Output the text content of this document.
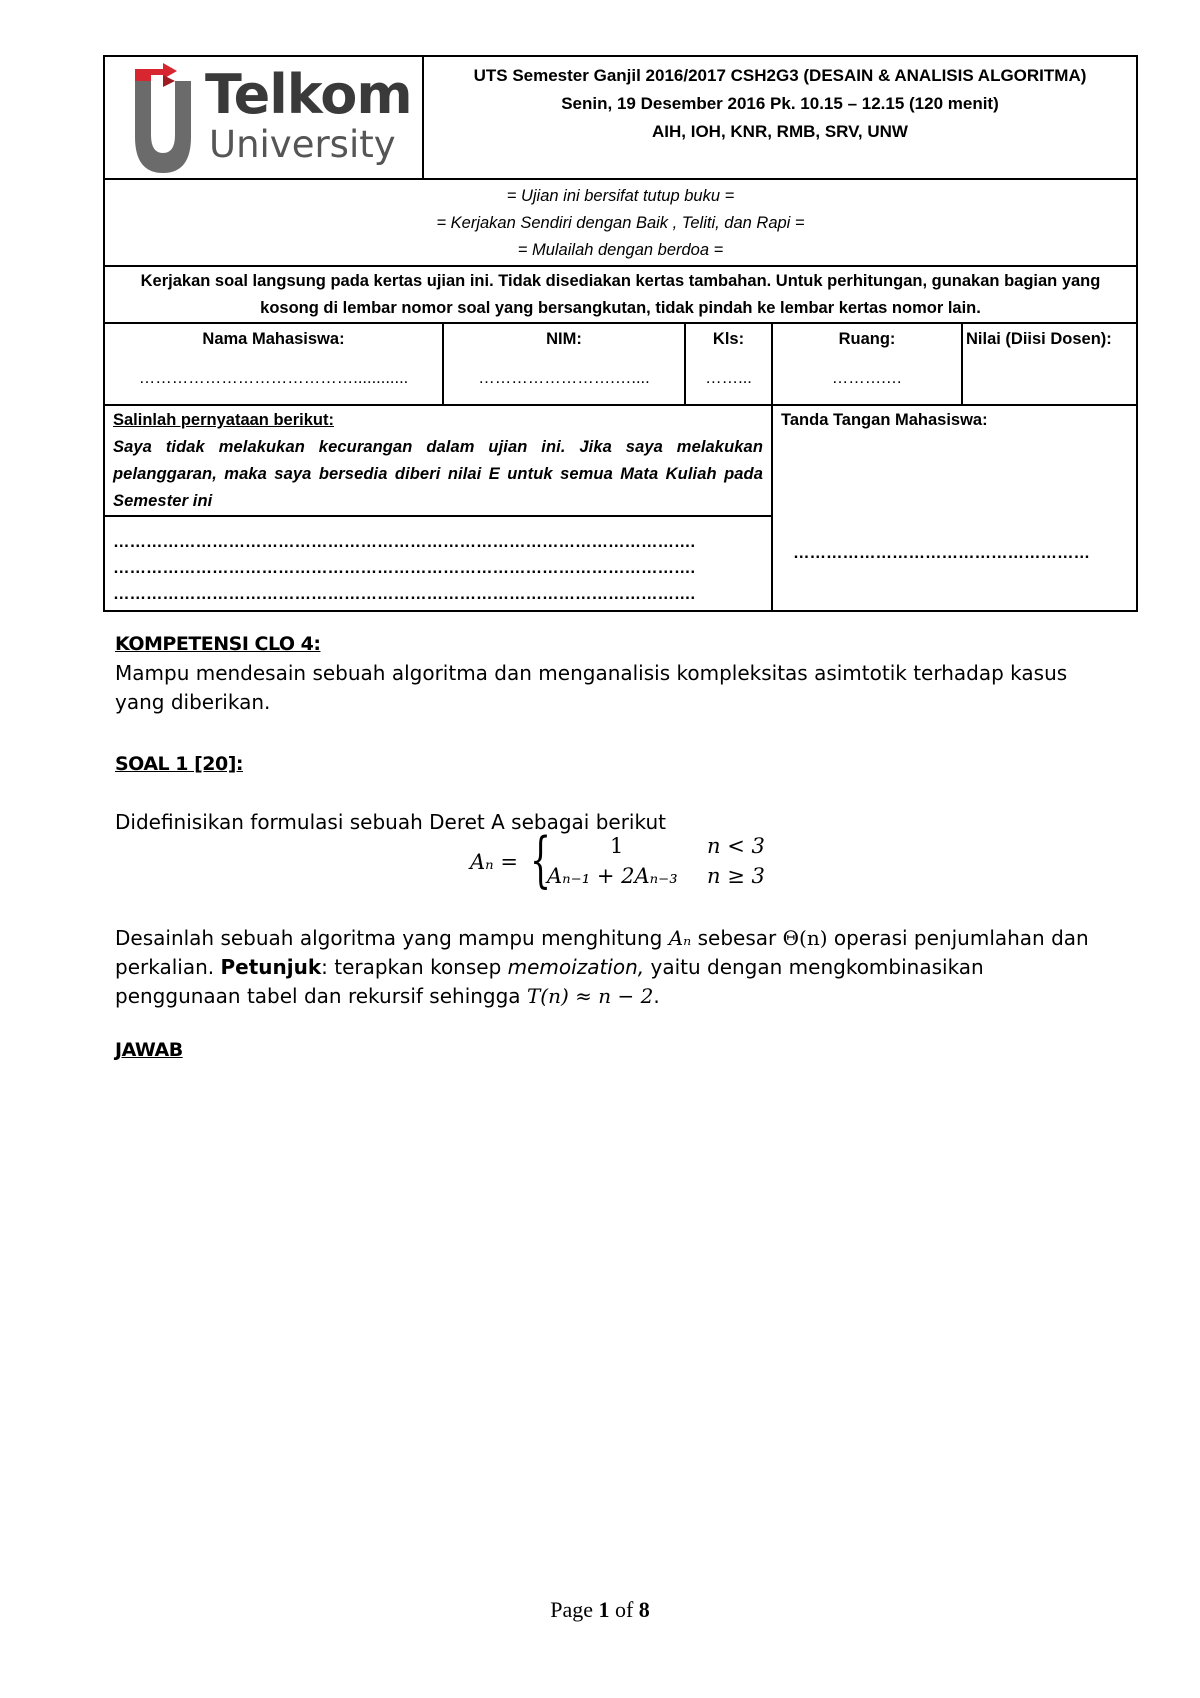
Telkom
University
UTS Semester Ganjil 2016/2017 CSH2G3 (DESAIN & ANALISIS ALGORITMA)
Senin, 19 Desember 2016 Pk. 10.15 – 12.15 (120 menit)
AIH, IOH, KNR, RMB, SRV, UNW
= Ujian ini bersifat tutup buku =
= Kerjakan Sendiri dengan Baik , Teliti, dan Rapi =
= Mulailah dengan berdoa =
Kerjakan soal langsung pada kertas ujian ini. Tidak disediakan kertas tambahan. Untuk perhitungan, gunakan bagian yang kosong di lembar nomor soal yang bersangkutan, tidak pindah ke lembar kertas nomor lain.
Nama Mahasiswa:
…………………………………............
NIM:
…………………….…....
Kls:
……...
Ruang:
……….…
Nilai (Diisi Dosen):
Salinlah pernyataan berikut:
Saya tidak melakukan kecurangan dalam ujian ini. Jika saya melakukan pelanggaran, maka saya bersedia diberi nilai E untuk semua Mata Kuliah pada Semester ini
…………………………………………………………………………………………….
…………………………………………………………………………………………….
…………………………………………………………………………………………….
Tanda Tangan Mahasiswa:
………………………………………………
KOMPETENSI CLO 4:
Mampu mendesain sebuah algoritma dan menganalisis kompleksitas asimtotik terhadap kasus yang diberikan.
SOAL 1 [20]:
Didefinisikan formulasi sebuah Deret A sebagai berikut
Aₙ = {	1	n < 3
Aₙ₋₁ + 2Aₙ₋₃ n ≥ 3
Desainlah sebuah algoritma yang mampu menghitung Aₙ sebesar Θ(n) operasi penjumlahan dan perkalian. Petunjuk: terapkan konsep memoization, yaitu dengan mengkombinasikan penggunaan tabel dan rekursif sehingga T(n) ≈ n − 2.
JAWAB
Page 1 of 8
